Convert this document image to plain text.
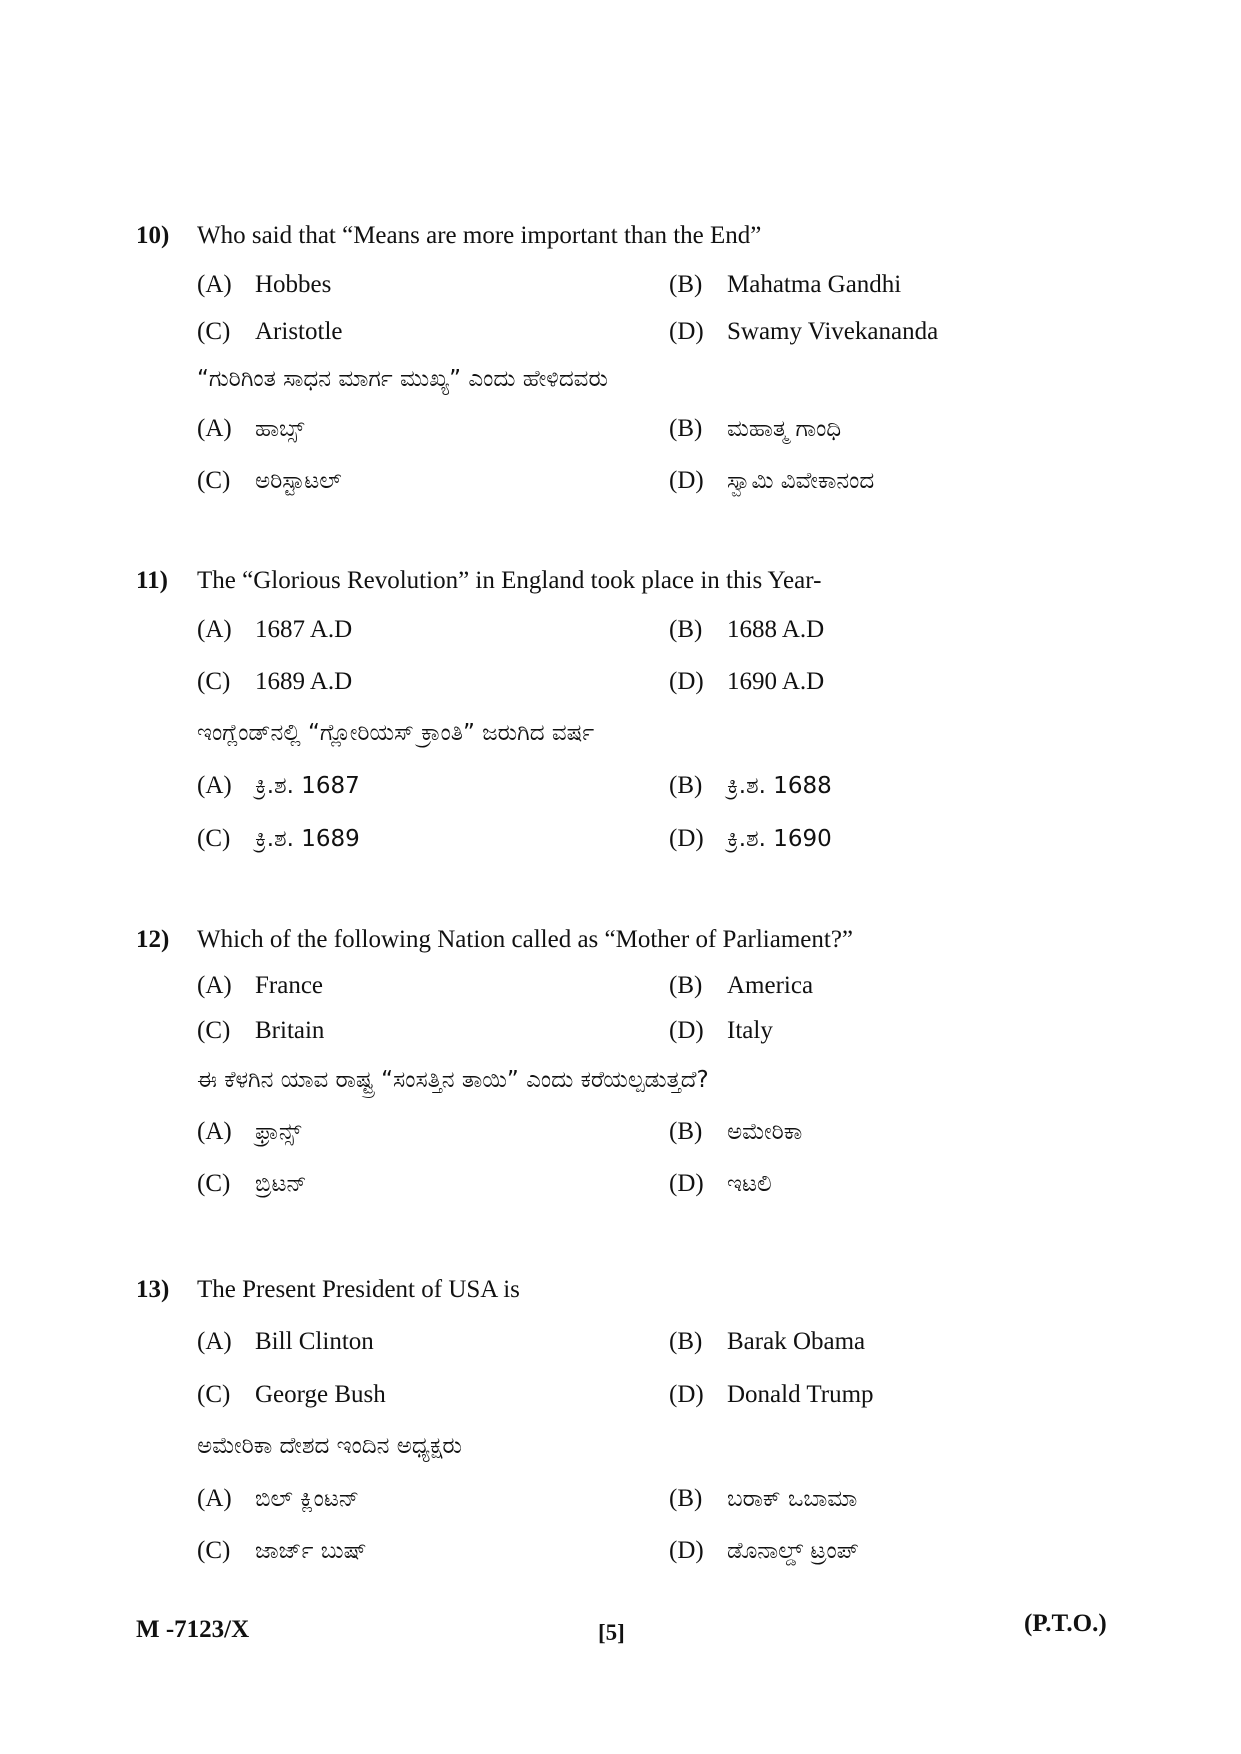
10) Who said that “Means are more important than the End”
(A) Hobbes	(B) Mahatma Gandhi
(C) Aristotle	(D) Swamy Vivekananda
“ಗುರಿಗಿಂತ ಸಾಧನ ಮಾರ್ಗ ಮುಖ್ಯ” ಎಂದು ಹೇಳಿದವರು
(A) ಹಾಬ್ಸ್	(B) ಮಹಾತ್ಮ ಗಾಂಧಿ
(C) ಅರಿಸ್ಟಾಟಲ್	(D) ಸ್ವಾಮಿ ವಿವೇಕಾನಂದ
11) The “Glorious Revolution” in England took place in this Year-
(A) 1687 A.D	(B) 1688 A.D
(C) 1689 A.D	(D) 1690 A.D
ಇಂಗ್ಲೆಂಡ್‌ನಲ್ಲಿ “ಗ್ಲೋರಿಯಸ್ ಕ್ರಾಂತಿ” ಜರುಗಿದ ವರ್ಷ
(A) ಕ್ರಿ.ಶ. 1687	(B) ಕ್ರಿ.ಶ. 1688
(C) ಕ್ರಿ.ಶ. 1689	(D) ಕ್ರಿ.ಶ. 1690
12) Which of the following Nation called as “Mother of Parliament?”
(A) France	(B) America
(C) Britain	(D) Italy
ಈ ಕೆಳಗಿನ ಯಾವ ರಾಷ್ಟ್ರ “ಸಂಸತ್ತಿನ ತಾಯಿ” ಎಂದು ಕರೆಯಲ್ಪಡುತ್ತದೆ?
(A) ಫ್ರಾನ್ಸ್	(B) ಅಮೇರಿಕಾ
(C) ಬ್ರಿಟನ್	(D) ಇಟಲಿ
13) The Present President of USA is
(A) Bill Clinton	(B) Barak Obama
(C) George Bush	(D) Donald Trump
ಅಮೇರಿಕಾ ದೇಶದ ಇಂದಿನ ಅಧ್ಯಕ್ಷರು
(A) ಬಿಲ್ ಕ್ಲಿಂಟನ್	(B) ಬರಾಕ್ ಒಬಾಮಾ
(C) ಜಾರ್ಜ್ ಬುಷ್	(D) ಡೊನಾಲ್ಡ್ ಟ್ರಂಪ್
M -7123/X	[5]	(P.T.O.)
